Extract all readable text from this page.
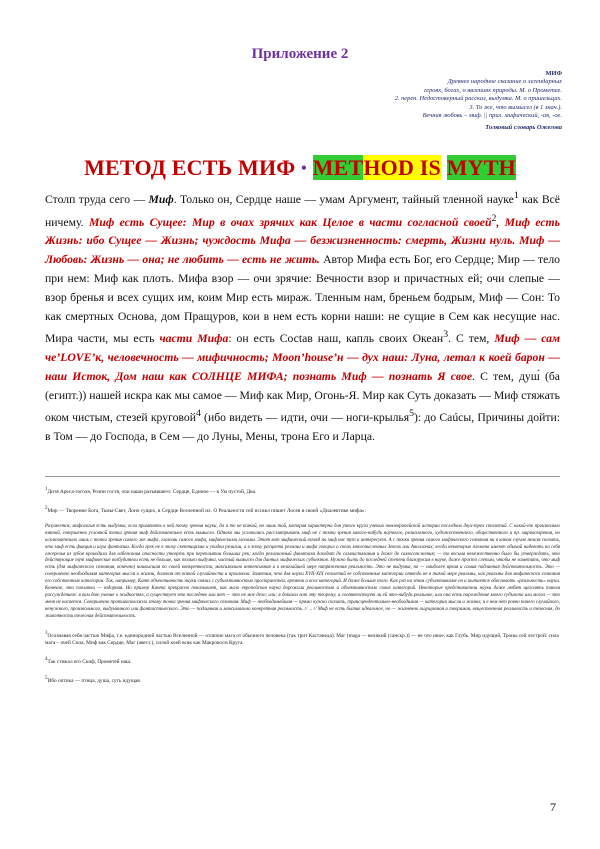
Приложение 2
МИФ
Древнее народное сказание о легендарных
героях, богах, о явлениях природы. М. о Прометее.
2. перен. Недостоверный рассказ, выдумка. М. о пришельцах.
3. То же, что вымысел (в 1 знач.).
Вечная любовь – миф. || прил. мифический, -ая, -ое.
Толковый словарь Ожегова
МЕТОД ЕСТЬ МИФ • METHOD IS MYTH
Столп труда сего — Миф. Только он, Сердце наше — умам Аргумент, тайный тленной науке$^1$ как Всё ничему. Миф есть Сущее: Мир в очах зрячих как Целое в части согласной своей$^2$, Миф есть Жизнь: ибо Сущее — Жизнь; чуждость Мифа — безжизненность: смерть, Жизни нуль. Миф — Любовь: Жизнь — она; не любить — есть не жить. Автор Мифа есть Бог, его Сердце; Мир — тело при нем: Миф как плоть. Мифа взор — очи зрячие: Вечности взор и причастных ей; очи слепые — взор бренья и всех сущих им, коим Мир есть мираж. Тленным нам, бреньем бодрым, Миф — Сон: То как смертных Основа, дом Пращуров, кои в нем есть корни наши: не сущие в Сем как несущие нас. Мира части, мы есть части Мифа: он есть Сосtав наш, капль своих Океан$^3$. С тем, Миф — сам че’LOVE’к, человечность — мифичность; Moon’house’н — дух наш: Луна, летал к коей барон — наш Исток, Дом наш как СОЛНЦЕ МИФА; познать Миф — познать Я свое. С тем, душ́ (ба (египт.)) нашей искра как мы самое — Миф как Мир, Огонь-Я. Мир как Суть доказать — Миф стяжать оком чистым, стезей круговой$^4$ (ибо видеть — идти, очи — ноги-крылья$^5$): до Саúсы, Причины дойти: в Том — до Господа, в Сем — до Луны, Мены, трона Его и Ларца.

$^1$Дитя Ареса-гоголя, Розин гостя, очи наши разъявшего: Сердце, Единое — в Ум пустой, Два.

$^2$Мир — Творение Бога, Тьмы-Свет, Лоно сущих, в Сердце Вселенной их. О Реальности сей иссякл пишет Лосев в своей «Диалектике мифа»:

Разумеется, мифология есть выдумка, если применить к ней точку зрения науки, да и то не всякой, но лишь той, которая характерна для узкого круга ученых новоевропейской истории последних двух-трех столетий. С какой-то произвольно взятой, совершенно условной точки зрения миф действительно есть вымысел. Однако мы условились рассматривать миф не с точки зрения какого-нибудь научного, религиозного, художественного, общественного и пр. мировоззрения, но исключительно лишь с точки зрения самого же мифа, глазами самого мифа, мифическими глазами. Этот вот мифический взгляд на миф нас тут и интересует. А с точки зрения самого мифического сознания ни в каком случае нельзя сказать, что миф есть фикция и игра фантазии. Когда грек не в эпоху скептицизма и упадка религии, а в эпоху расцвета религии и мифа говорил о своих многочисленных Зевсах или Аполлонах; когда некоторые племена имеют обычай надевать на себя ожерелья из зубов крокодила для избежания опасности утонуть при переплытии больших рек; когда религиозный фанатизм доходит до самоистязания и даже до самосожжения; — то весьма невежественно было бы утверждать, что действующие тут мифические возбудители есть не больше, как только выдумка, чистый вымысел для данных мифических субъектов. Нужно быть до последней степени близоруким в науке, даже просто слепым, чтобы не заметить, что миф есть (для мифического сознания, конечно) наивысшая по своей конкретности, максимально интенсивная и в величайшей мере напряженная реальность. Это не выдумка, но — наиболее яркая и самая подлинная действительность. Это — совершенно необходимая категория мысли и жизни, далекая от всякой случайности и произвола. Заметим, что для науки XVII-XIX столетий ее собственные категории отнюдь не в такой мере реальны, как реальны для мифического сознания его собственные категории. Так, например, Кант объективность науки связал с субъективностью пространства, времени и всех категорий. И даже больше того. Как раз на этом субъективизме он и пытается обосновать «реальность» науки. Конечно, эта попытка — вздорная. Но пример Канта прекрасно показывает, как мало европейская наука дорожила реальностью и объективностью своих категорий. Некоторые представители науки даже любят щеголять таким рассуждением: я вам даю учение о жидкостях, а существует это последнее или нет — это не мое дело; или: я доказал вот эту теорему, а соответствует ли ей что-нибудь реальное, или она есть порождение моего субъекта или мозга — это меня не касается. Совершенно противоположна этому точка зрения мифического сознания. Миф — необходимейшая — прямо нужно сказать, трансцендентально-необходимая — категория мысли и жизни; и в нем нет ровно ничего случайного, ненужного, произвольного, выдуманного или фантастического. Это — подлинная и максимально конкретная реальность. // ... // Миф не есть бытие идеальное, но — жизненно ощущаемая и творимая, вещественная реальность и телесная, до животности телесная действительность.

$^3$Осознавая себя частью Мифа, т.е. единородной частью Вселенной — отличие мага от обычного человека (так трит Кастанеда). Маг (maga — великий (санскр.)) — не что иное, как Глубь. Мир идущий, Троны сей лестрой: сила мага – очей Сила, Миф как Сердце, Маг (авест.), силой коей всяк как Макрокосм Круга.

$^4$Так стяжал его Скиф, Прометей наш.

$^5$Ибо оптика — птица, душа, суть идущая.

7
